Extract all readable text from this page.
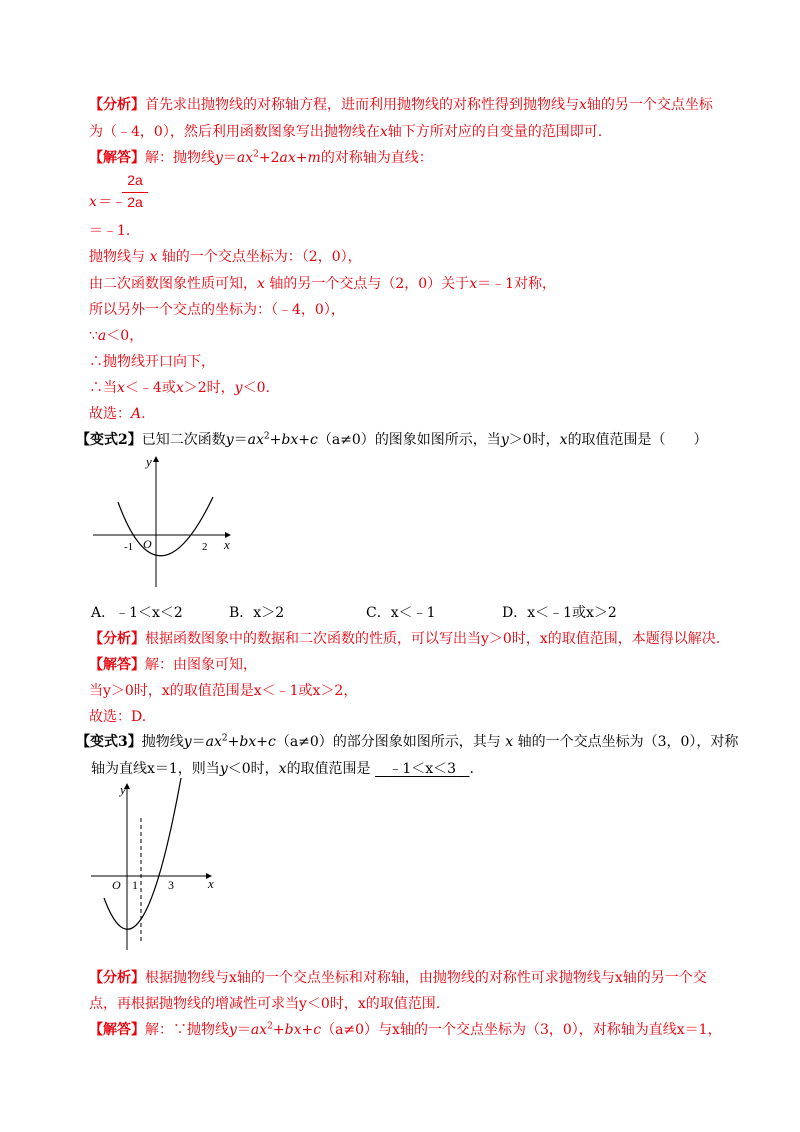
【分析】首先求出抛物线的对称轴方程，进而利用抛物线的对称性得到抛物线与x轴的另一个交点坐标
为（﹣4，0），然后利用函数图象写出抛物线在x轴下方所对应的自变量的范围即可.
【解答】解：抛物线$y=ax^2+2ax+m$的对称轴为直线：
2a
2a
x＝﹣
＝﹣1.
抛物线与 x 轴的一个交点坐标为：（2，0），
由二次函数图象性质可知，x 轴的另一个交点与（2，0）关于x＝﹣1对称，
所以另外一个交点的坐标为：（﹣4，0），
∵a＜0，
∴抛物线开口向下，
∴当x＜﹣4或x＞2时，y＜0.
故选：A.
【变式2】已知二次函数$y=ax^2+bx+c(a\ne 0)$的图象如图所示，当y＞0时，x的取值范围是（　　）
y
x
O
-1	2
A．﹣1＜x＜2	B．x＞2	C．x＜﹣1	D．x＜﹣1或x＞2
【分析】根据函数图象中的数据和二次函数的性质，可以写出当y＞0时，x的取值范围，本题得以解决.
【解答】解：由图象可知，
当y＞0时，x的取值范围是x＜﹣1或x＞2，
故选：D.
【变式3】抛物线$y=ax^2+bx+c(a\ne 0)$的部分图象如图所示，其与 x 轴的一个交点坐标为（3，0），对称
轴为直线x＝1，则当y＜0时，x的取值范围是 ﹣1＜x＜3 .
y
x
O 1	3
【分析】根据抛物线与x轴的一个交点坐标和对称轴，由抛物线的对称性可求抛物线与x轴的另一个交
点，再根据抛物线的增减性可求当y＜0时，x的取值范围.
【解答】解：∵抛物线$y=ax^2+bx+c(a\ne 0)$与x轴的一个交点坐标为（3，0），对称轴为直线x＝1，
